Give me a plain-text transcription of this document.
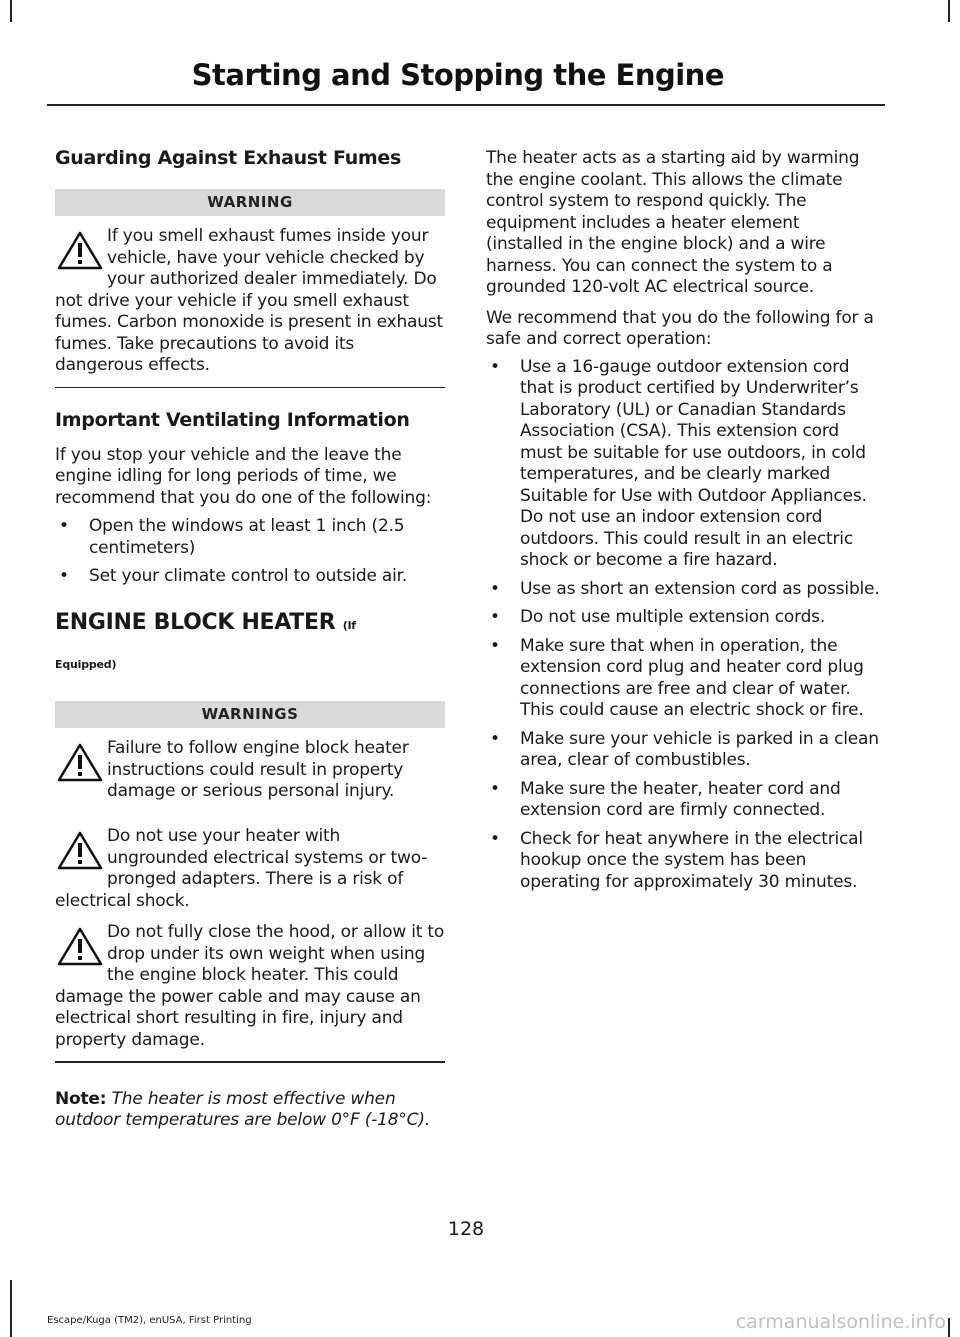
Starting and Stopping the Engine
Guarding Against Exhaust Fumes
WARNING

If you smell exhaust fumes inside your vehicle, have your vehicle checked by your authorized dealer immediately. Do not drive your vehicle if you smell exhaust fumes. Carbon monoxide is present in exhaust fumes. Take precautions to avoid its dangerous effects.

Important Ventilating Information

If you stop your vehicle and the leave the engine idling for long periods of time, we recommend that you do one of the following:

• Open the windows at least 1 inch (2.5 centimeters)
• Set your climate control to outside air.
ENGINE BLOCK HEATER (If
Equipped)
WARNINGS

Failure to follow engine block heater instructions could result in property damage or serious personal injury.

Do not use your heater with ungrounded electrical systems or two-pronged adapters. There is a risk of electrical shock.

Do not fully close the hood, or allow it to drop under its own weight when using the engine block heater. This could damage the power cable and may cause an electrical short resulting in fire, injury and property damage.

Note: The heater is most effective when outdoor temperatures are below 0°F (-18°C).

The heater acts as a starting aid by warming the engine coolant. This allows the climate control system to respond quickly. The equipment includes a heater element (installed in the engine block) and a wire harness. You can connect the system to a grounded 120-volt AC electrical source.

We recommend that you do the following for a safe and correct operation:

• Use a 16-gauge outdoor extension cord that is product certified by Underwriter’s Laboratory (UL) or Canadian Standards Association (CSA). This extension cord must be suitable for use outdoors, in cold temperatures, and be clearly marked Suitable for Use with Outdoor Appliances. Do not use an indoor extension cord outdoors. This could result in an electric shock or become a fire hazard.
• Use as short an extension cord as possible.
• Do not use multiple extension cords.
• Make sure that when in operation, the extension cord plug and heater cord plug connections are free and clear of water. This could cause an electric shock or fire.
• Make sure your vehicle is parked in a clean area, clear of combustibles.
• Make sure the heater, heater cord and extension cord are firmly connected.
• Check for heat anywhere in the electrical hookup once the system has been operating for approximately 30 minutes.
128
Escape/Kuga (TM2), enUSA, First Printing	carmanualsonline.info
